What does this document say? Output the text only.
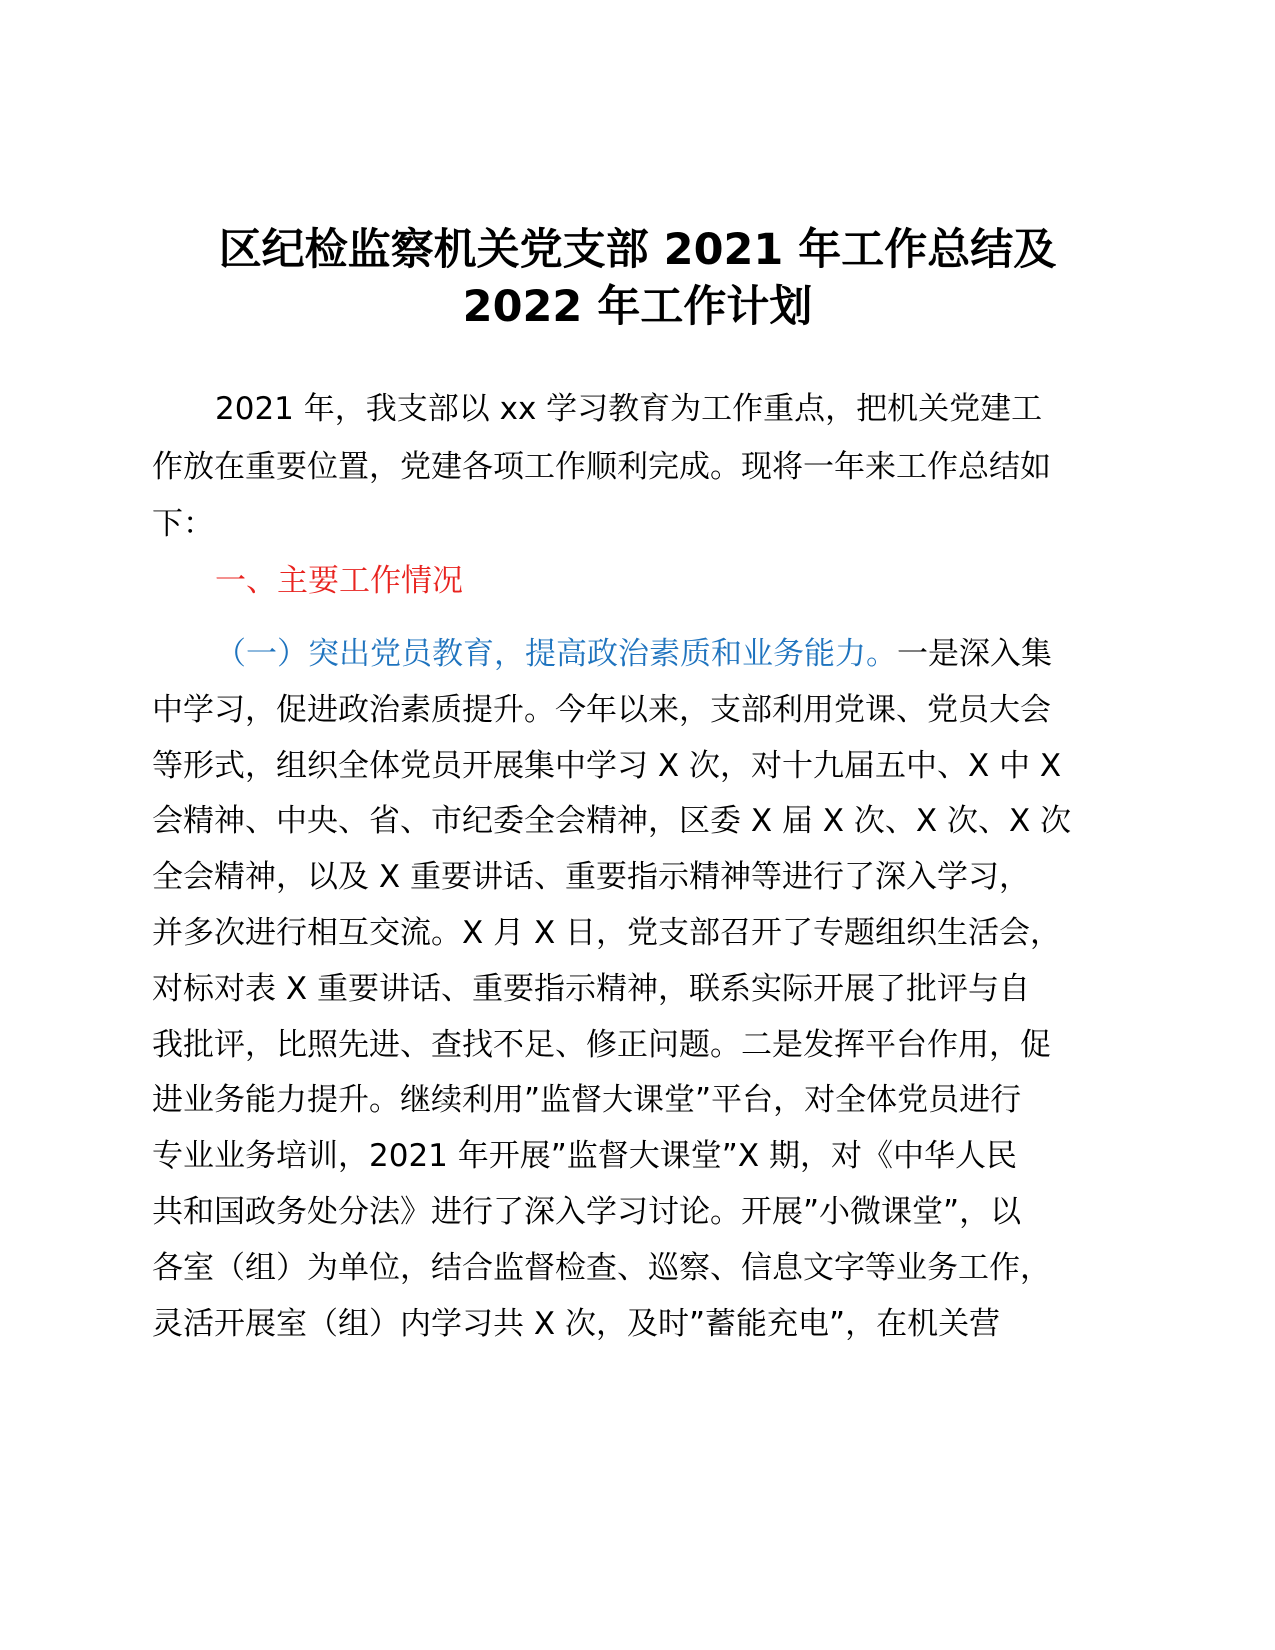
区纪检监察机关党支部 2021 年工作总结及
2022 年工作计划
2021 年，我支部以 xx 学习教育为工作重点，把机关党建工
作放在重要位置，党建各项工作顺利完成。现将一年来工作总结如
下：
一、主要工作情况
（一）突出党员教育，提高政治素质和业务能力。一是深入集
中学习，促进政治素质提升。今年以来，支部利用党课、党员大会
等形式，组织全体党员开展集中学习 X 次，对十九届五中、X 中 X
会精神、中央、省、市纪委全会精神，区委 X 届 X 次、X 次、X 次
全会精神，以及 X 重要讲话、重要指示精神等进行了深入学习，
并多次进行相互交流。X 月 X 日，党支部召开了专题组织生活会，
对标对表 X 重要讲话、重要指示精神，联系实际开展了批评与自
我批评，比照先进、查找不足、修正问题。二是发挥平台作用，促
进业务能力提升。继续利用”监督大课堂”平台，对全体党员进行
专业业务培训，2021 年开展”监督大课堂”X 期，对《中华人民
共和国政务处分法》进行了深入学习讨论。开展”小微课堂”，以
各室（组）为单位，结合监督检查、巡察、信息文字等业务工作，
灵活开展室（组）内学习共 X 次，及时”蓄能充电”，在机关营
